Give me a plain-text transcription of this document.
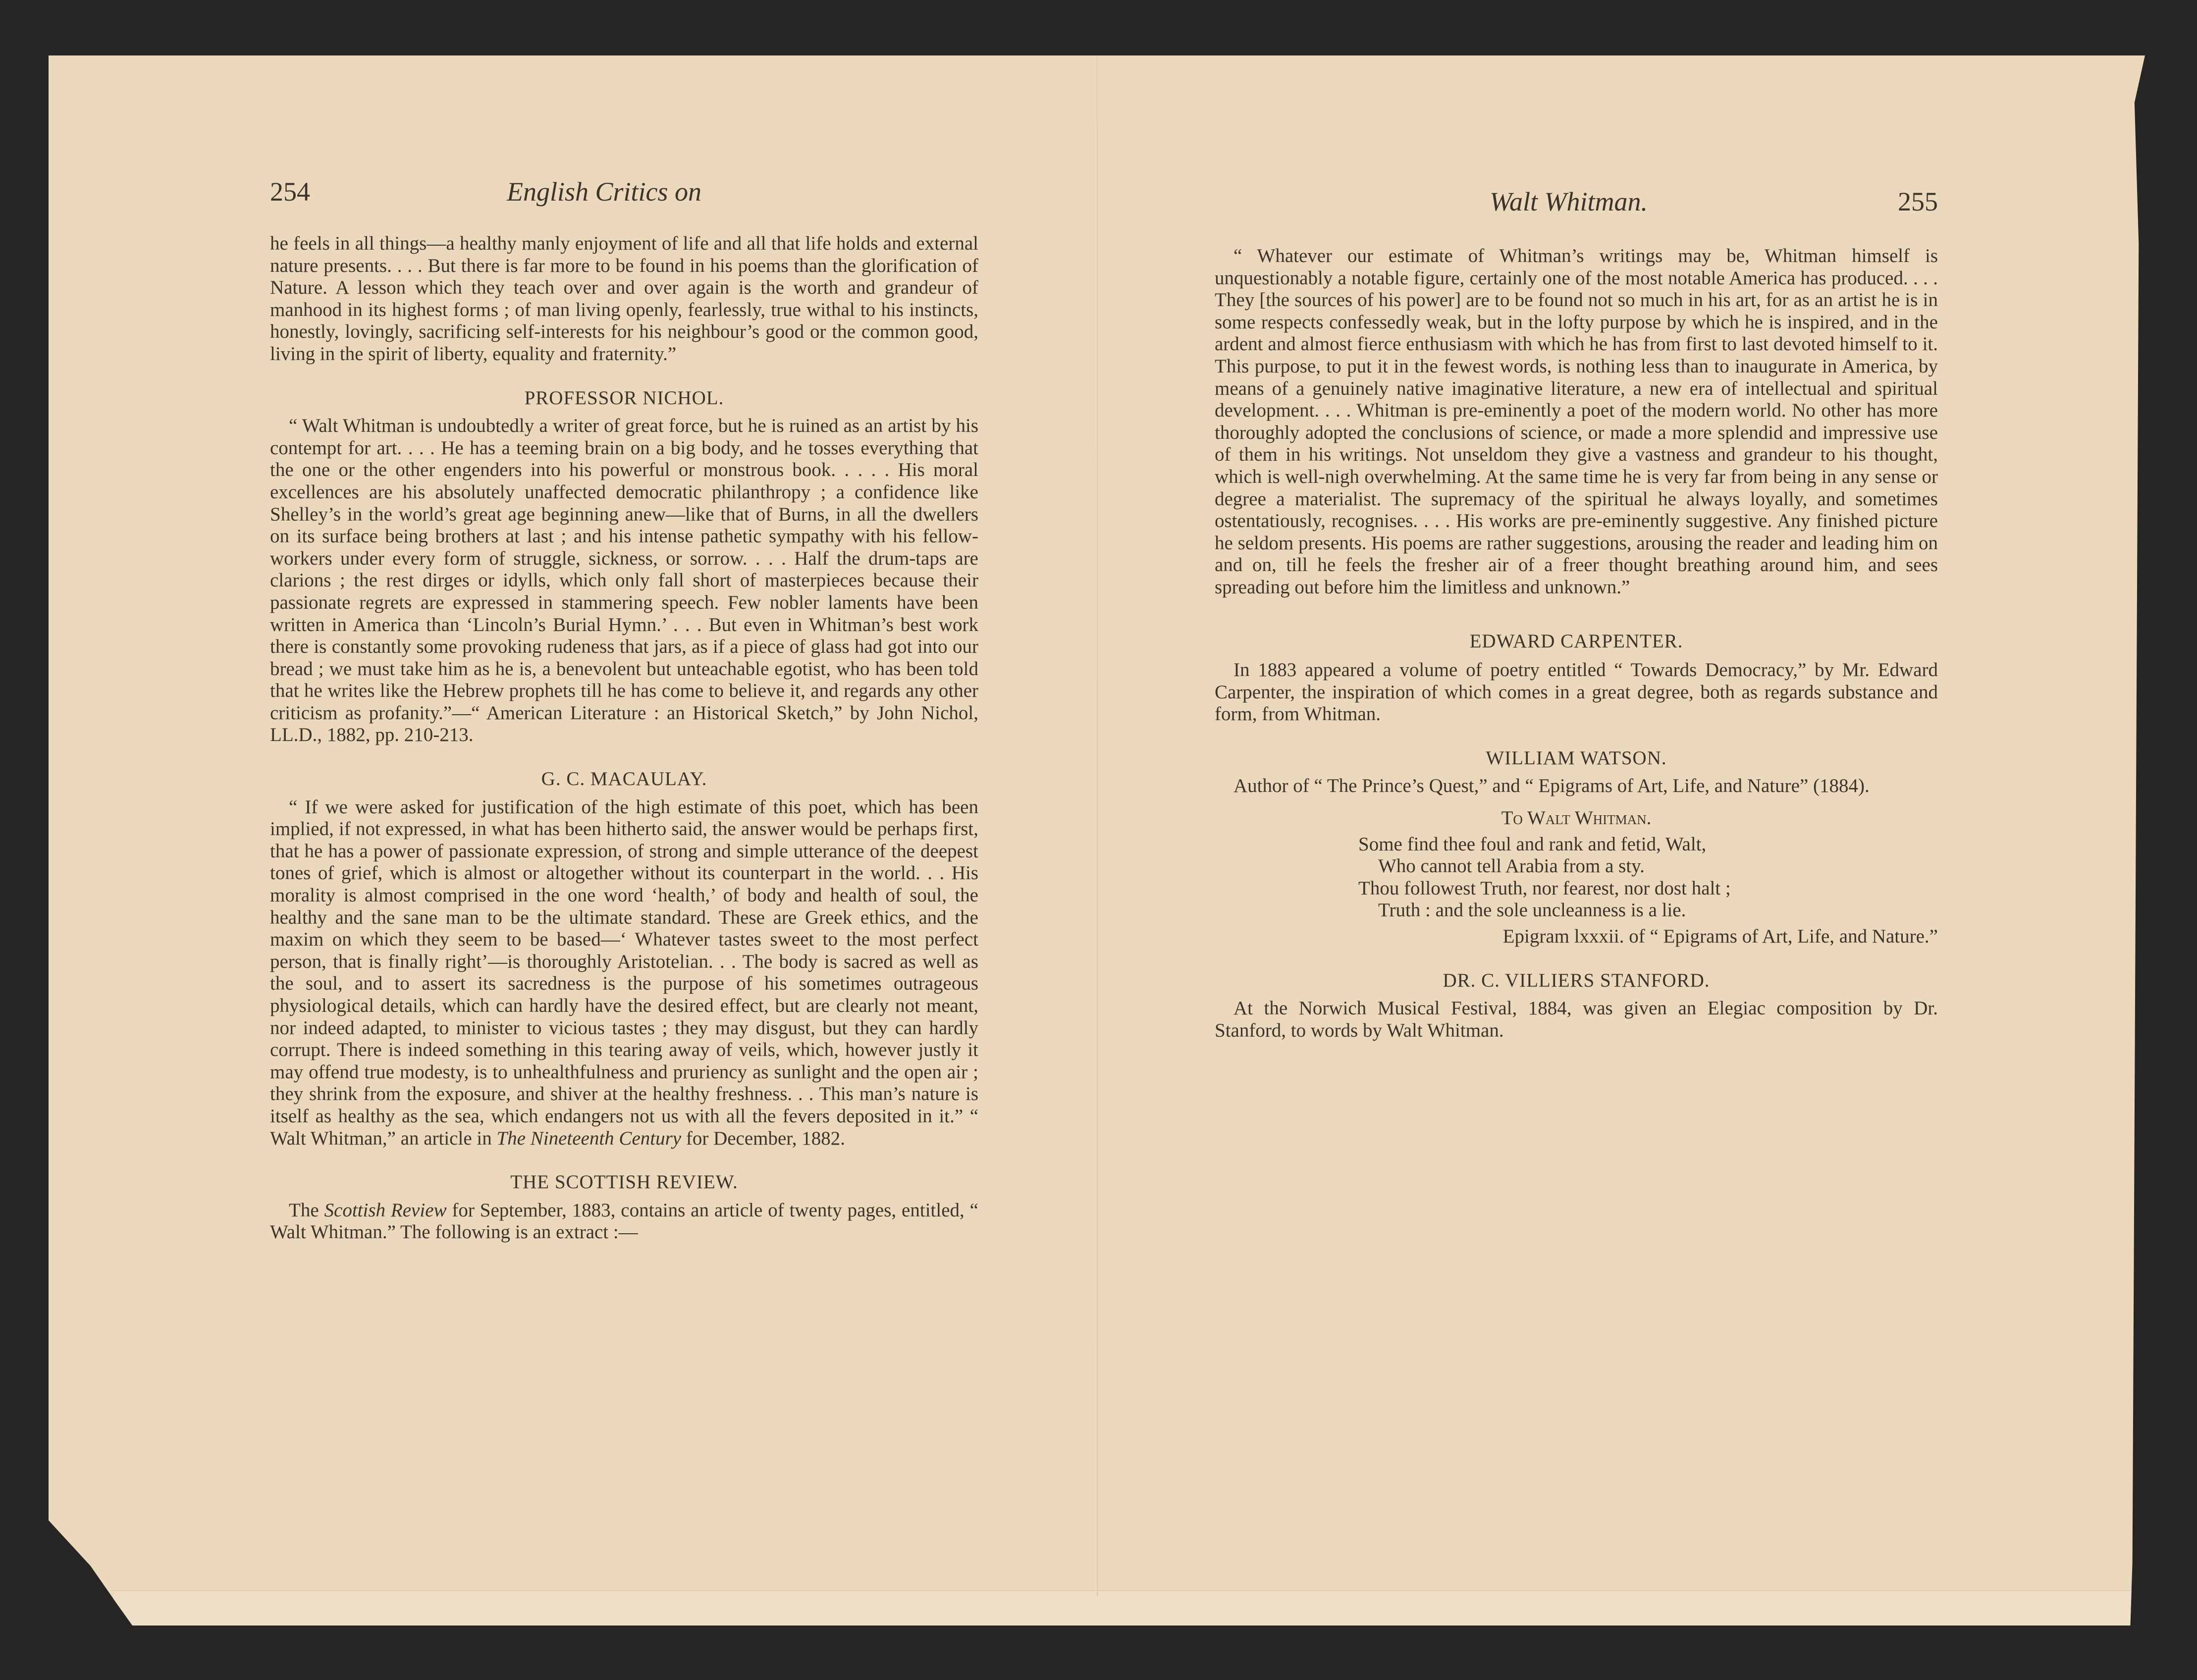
254	English Critics on

he feels in all things—a healthy manly enjoyment of life and all that life holds and external nature presents. . . . But there is far more to be found in his poems than the glorification of Nature. A lesson which they teach over and over again is the worth and grandeur of manhood in its highest forms ; of man living openly, fearlessly, true withal to his instincts, honestly, lovingly, sacrificing self-interests for his neighbour’s good or the common good, living in the spirit of liberty, equality and fraternity.”

PROFESSOR NICHOL.

“ Walt Whitman is undoubtedly a writer of great force, but he is ruined as an artist by his contempt for art. . . . He has a teeming brain on a big body, and he tosses everything that the one or the other engenders into his powerful or monstrous book. . . . . His moral excellences are his absolutely unaffected democratic philanthropy ; a confidence like Shelley’s in the world’s great age beginning anew—like that of Burns, in all the dwellers on its surface being brothers at last ; and his intense pathetic sympathy with his fellow-workers under every form of struggle, sickness, or sorrow. . . . Half the drum-taps are clarions ; the rest dirges or idylls, which only fall short of masterpieces because their passionate regrets are expressed in stammering speech. Few nobler laments have been written in America than ‘Lincoln’s Burial Hymn.’ . . . But even in Whitman’s best work there is constantly some provoking rudeness that jars, as if a piece of glass had got into our bread ; we must take him as he is, a benevolent but unteachable egotist, who has been told that he writes like the Hebrew prophets till he has come to believe it, and regards any other criticism as profanity.”—“ American Literature : an Historical Sketch,” by John Nichol, LL.D., 1882, pp. 210-213.

G. C. MACAULAY.

“ If we were asked for justification of the high estimate of this poet, which has been implied, if not expressed, in what has been hitherto said, the answer would be perhaps first, that he has a power of passionate expression, of strong and simple utterance of the deepest tones of grief, which is almost or altogether without its counterpart in the world. . . His morality is almost comprised in the one word ‘health,’ of body and health of soul, the healthy and the sane man to be the ultimate standard. These are Greek ethics, and the maxim on which they seem to be based—‘ Whatever tastes sweet to the most perfect person, that is finally right’—is thoroughly Aristotelian. . . The body is sacred as well as the soul, and to assert its sacredness is the purpose of his sometimes outrageous physiological details, which can hardly have the desired effect, but are clearly not meant, nor indeed adapted, to minister to vicious tastes ; they may disgust, but they can hardly corrupt. There is indeed something in this tearing away of veils, which, however justly it may offend true modesty, is to unhealthfulness and pruriency as sunlight and the open air ; they shrink from the exposure, and shiver at the healthy freshness. . . This man’s nature is itself as healthy as the sea, which endangers not us with all the fevers deposited in it.” “ Walt Whitman,” an article in The Nineteenth Century for December, 1882.

THE SCOTTISH REVIEW.

The Scottish Review for September, 1883, contains an article of twenty pages, entitled, “ Walt Whitman.” The following is an extract :—

Walt Whitman.	255

“ Whatever our estimate of Whitman’s writings may be, Whitman himself is unquestionably a notable figure, certainly one of the most notable America has produced. . . . They [the sources of his power] are to be found not so much in his art, for as an artist he is in some respects confessedly weak, but in the lofty purpose by which he is inspired, and in the ardent and almost fierce enthusiasm with which he has from first to last devoted himself to it. This purpose, to put it in the fewest words, is nothing less than to inaugurate in America, by means of a genuinely native imaginative literature, a new era of intellectual and spiritual development. . . . Whitman is pre-eminently a poet of the modern world. No other has more thoroughly adopted the conclusions of science, or made a more splendid and impressive use of them in his writings. Not unseldom they give a vastness and grandeur to his thought, which is well-nigh overwhelming. At the same time he is very far from being in any sense or degree a materialist. The supremacy of the spiritual he always loyally, and sometimes ostentatiously, recognises. . . . His works are pre-eminently suggestive. Any finished picture he seldom presents. His poems are rather suggestions, arousing the reader and leading him on and on, till he feels the fresher air of a freer thought breathing around him, and sees spreading out before him the limitless and unknown.”

EDWARD CARPENTER.

In 1883 appeared a volume of poetry entitled “ Towards Democracy,” by Mr. Edward Carpenter, the inspiration of which comes in a great degree, both as regards substance and form, from Whitman.

WILLIAM WATSON.

Author of “ The Prince’s Quest,” and “ Epigrams of Art, Life, and Nature” (1884).

To Walt Whitman.
Some find thee foul and rank and fetid, Walt,
Who cannot tell Arabia from a sty.
Thou followest Truth, nor fearest, nor dost halt ;
Truth : and the sole uncleanness is a lie.
Epigram lxxxii. of “ Epigrams of Art, Life, and Nature.”
DR. C. VILLIERS STANFORD.

At the Norwich Musical Festival, 1884, was given an Elegiac composition by Dr. Stanford, to words by Walt Whitman.
